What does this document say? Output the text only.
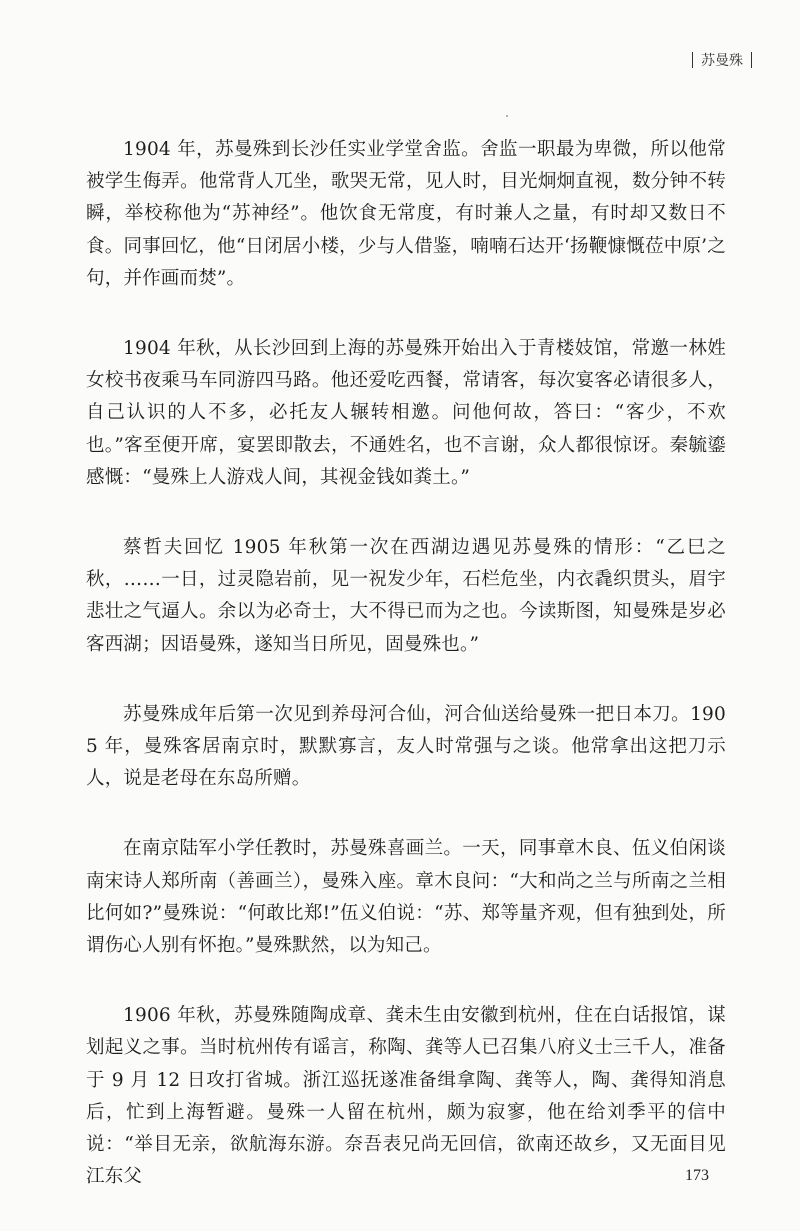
苏曼殊

1904 年，苏曼殊到长沙任实业学堂舍监。舍监一职最为卑微，所以他常被学生侮弄。他常背人兀坐，歌哭无常，见人时，目光炯炯直视，数分钟不转瞬，举校称他为“苏神经”。他饮食无常度，有时兼人之量，有时却又数日不食。同事回忆，他“日闭居小楼，少与人借鉴，喃喃石达开‘扬鞭慷慨莅中原’之句，并作画而焚”。

1904 年秋，从长沙回到上海的苏曼殊开始出入于青楼妓馆，常邀一林姓女校书夜乘马车同游四马路。他还爱吃西餐，常请客，每次宴客必请很多人，自己认识的人不多，必托友人辗转相邀。问他何故，答曰：“客少，不欢也。”客至便开席，宴罢即散去，不通姓名，也不言谢，众人都很惊讶。秦毓鎏感慨：“曼殊上人游戏人间，其视金钱如粪土。”

蔡哲夫回忆 1905 年秋第一次在西湖边遇见苏曼殊的情形：“乙巳之秋，……一日，过灵隐岩前，见一祝发少年，石栏危坐，内衣毳织贯头，眉宇悲壮之气逼人。余以为必奇士，大不得已而为之也。今读斯图，知曼殊是岁必客西湖；因语曼殊，遂知当日所见，固曼殊也。”

苏曼殊成年后第一次见到养母河合仙，河合仙送给曼殊一把日本刀。1905 年，曼殊客居南京时，默默寡言，友人时常强与之谈。他常拿出这把刀示人，说是老母在东岛所赠。

在南京陆军小学任教时，苏曼殊喜画兰。一天，同事章木良、伍义伯闲谈南宋诗人郑所南（善画兰），曼殊入座。章木良问：“大和尚之兰与所南之兰相比何如?”曼殊说：“何敢比郑!”伍义伯说：“苏、郑等量齐观，但有独到处，所谓伤心人别有怀抱。”曼殊默然，以为知己。

1906 年秋，苏曼殊随陶成章、龚未生由安徽到杭州，住在白话报馆，谋划起义之事。当时杭州传有谣言，称陶、龚等人已召集八府义士三千人，准备于 9 月 12 日攻打省城。浙江巡抚遂准备缉拿陶、龚等人，陶、龚得知消息后，忙到上海暂避。曼殊一人留在杭州，颇为寂寥，他在给刘季平的信中说：“举目无亲，欲航海东游。奈吾表兄尚无回信，欲南还故乡，又无面目见江东父	173
